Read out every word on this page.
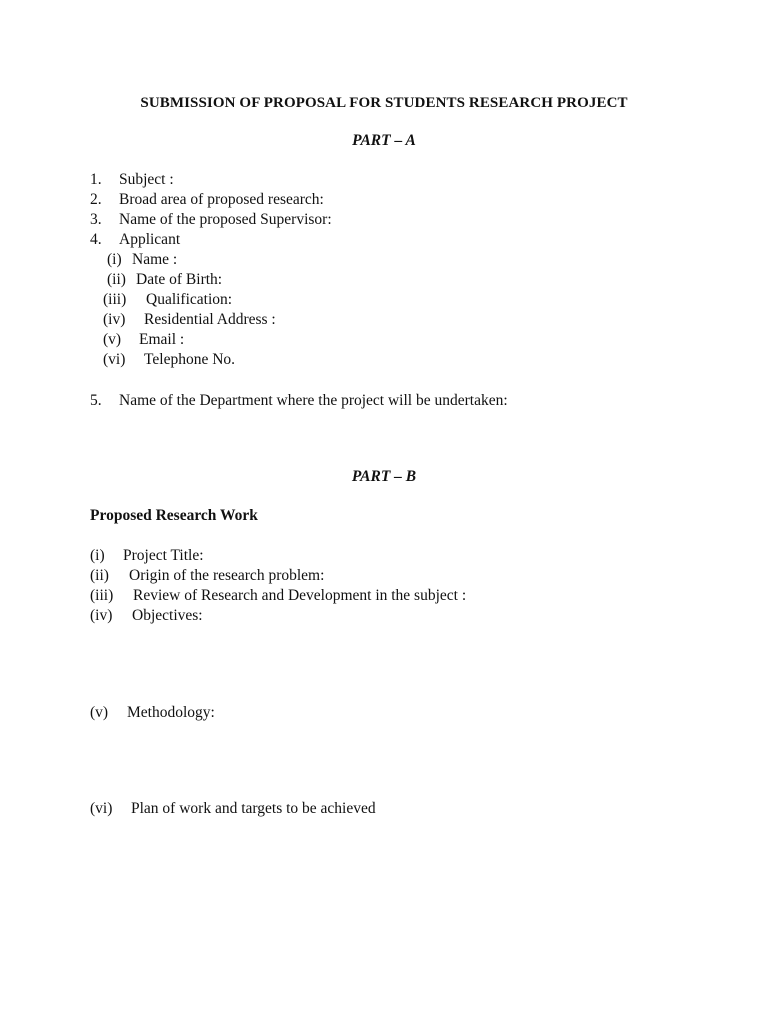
SUBMISSION OF PROPOSAL FOR STUDENTS RESEARCH PROJECT
PART – A
1. Subject :
2. Broad area of proposed research:
3. Name of the proposed Supervisor:
4. Applicant
(i) Name :
(ii) Date of Birth:
(iii) Qualification:
(iv) Residential Address :
(v) Email :
(vi) Telephone No.
5. Name of the Department where the project will be undertaken:
PART – B
Proposed Research Work
(i) Project Title:
(ii) Origin of the research problem:
(iii) Review of Research and Development in the subject :
(iv) Objectives:
(v) Methodology:
(vi) Plan of work and targets to be achieved
